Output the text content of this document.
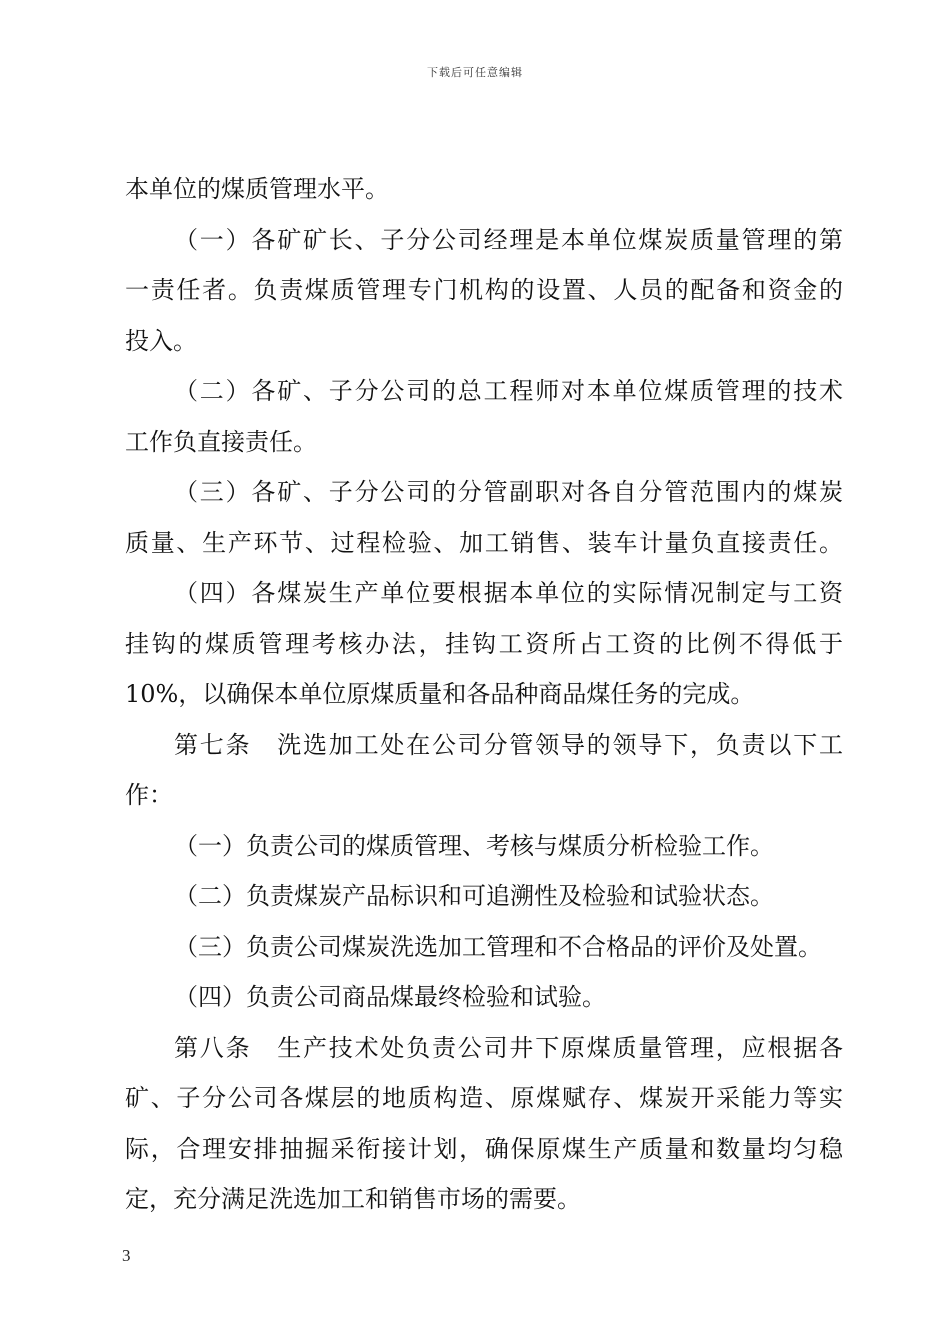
下载后可任意编辑
本单位的煤质管理水平。
（一）各矿矿长、子分公司经理是本单位煤炭质量管理的第
一责任者。负责煤质管理专门机构的设置、人员的配备和资金的
投入。
（二）各矿、子分公司的总工程师对本单位煤质管理的技术
工作负直接责任。
（三）各矿、子分公司的分管副职对各自分管范围内的煤炭
质量、生产环节、过程检验、加工销售、装车计量负直接责任。
（四）各煤炭生产单位要根据本单位的实际情况制定与工资
挂钩的煤质管理考核办法，挂钩工资所占工资的比例不得低于
10%，以确保本单位原煤质量和各品种商品煤任务的完成。
第七条　洗选加工处在公司分管领导的领导下，负责以下工
作：
（一）负责公司的煤质管理、考核与煤质分析检验工作。
（二）负责煤炭产品标识和可追溯性及检验和试验状态。
（三）负责公司煤炭洗选加工管理和不合格品的评价及处置。
（四）负责公司商品煤最终检验和试验。
第八条　生产技术处负责公司井下原煤质量管理，应根据各
矿、子分公司各煤层的地质构造、原煤赋存、煤炭开采能力等实
际，合理安排抽掘采衔接计划，确保原煤生产质量和数量均匀稳
定，充分满足洗选加工和销售市场的需要。
3
